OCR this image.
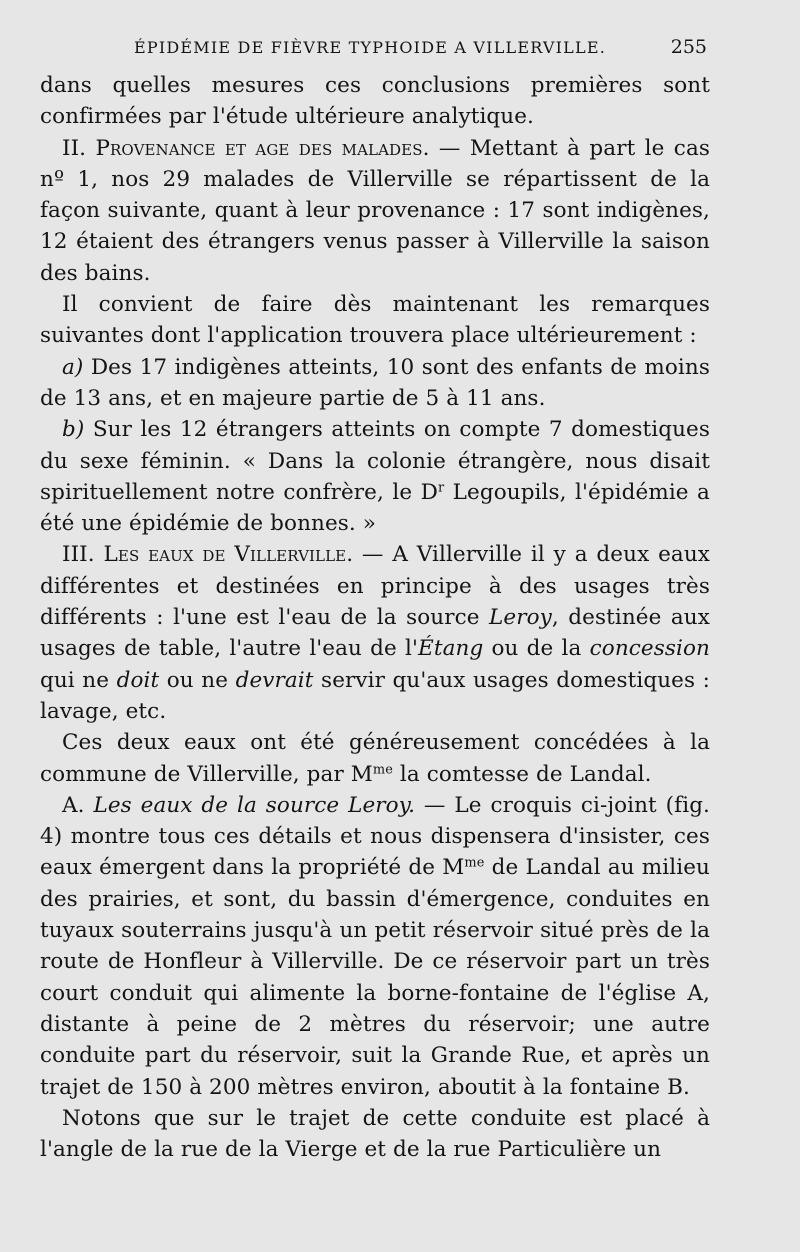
ÉPIDÉMIE DE FIÈVRE TYPHOIDE A VILLERVILLE.	255

dans quelles mesures ces conclusions premières sont confirmées par l'étude ultérieure analytique.

II. Provenance et age des malades. — Mettant à part le cas nº 1, nos 29 malades de Villerville se répartissent de la façon suivante, quant à leur provenance : 17 sont indigènes, 12 étaient des étrangers venus passer à Villerville la saison des bains.

Il convient de faire dès maintenant les remarques suivantes dont l'application trouvera place ultérieurement :

a) Des 17 indigènes atteints, 10 sont des enfants de moins de 13 ans, et en majeure partie de 5 à 11 ans.

b) Sur les 12 étrangers atteints on compte 7 domestiques du sexe féminin. « Dans la colonie étrangère, nous disait spirituellement notre confrère, le $D^r$ Legoupils, l'épidémie a été une épidémie de bonnes. »

III. Les eaux de Villerville. — A Villerville il y a deux eaux différentes et destinées en principe à des usages très différents : l'une est l'eau de la source Leroy, destinée aux usages de table, l'autre l'eau de l'Étang ou de la concession qui ne doit ou ne devrait servir qu'aux usages domestiques : lavage, etc.

Ces deux eaux ont été généreusement concédées à la commune de Villerville, par $M^{me}$ la comtesse de Landal.

A. Les eaux de la source Leroy. — Le croquis ci-joint (fig. 4) montre tous ces détails et nous dispensera d'insister, ces eaux émergent dans la propriété de $M^{me}$ de Landal au milieu des prairies, et sont, du bassin d'émergence, conduites en tuyaux souterrains jusqu'à un petit réservoir situé près de la route de Honfleur à Villerville. De ce réservoir part un très court conduit qui alimente la borne-fontaine de l'église A, distante à peine de 2 mètres du réservoir; une autre conduite part du réservoir, suit la Grande Rue, et après un trajet de 150 à 200 mètres environ, aboutit à la fontaine B.

Notons que sur le trajet de cette conduite est placé à l'angle de la rue de la Vierge et de la rue Particulière un
